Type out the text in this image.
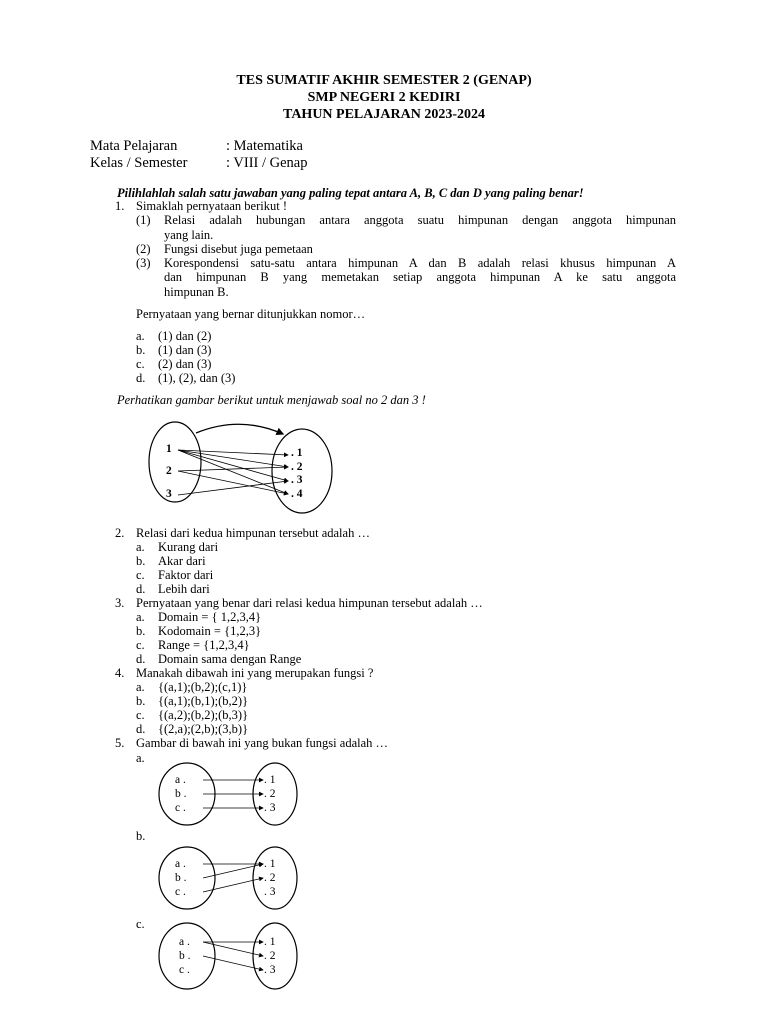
TES SUMATIF AKHIR SEMESTER 2 (GENAP)
SMP NEGERI 2 KEDIRI
TAHUN PELAJARAN 2023-2024
Mata Pelajaran	: Matematika
Kelas / Semester	: VIII / Genap
Pilihlahlah salah satu jawaban yang paling tepat antara A, B, C dan D yang paling benar!
1. Simaklah pernyataan berikut !
(1) Relasi adalah hubungan antara anggota suatu himpunan dengan anggota himpunan
yang lain.
(2) Fungsi disebut juga pemetaan
(3) Korespondensi satu-satu antara himpunan A dan B adalah relasi khusus himpunan A
dan himpunan B yang memetakan setiap anggota himpunan A ke satu anggota
himpunan B.
Pernyataan yang bernar ditunjukkan nomor…
a. (1) dan (2)
b. (1) dan (3)
c. (2) dan (3)
d. (1), (2), dan (3)
Perhatikan gambar berikut untuk menjawab soal no 2 dan 3 !
1
2
3
. 1
. 2
. 3
. 4
2. Relasi dari kedua himpunan tersebut adalah …
a. Kurang dari
b. Akar dari
c. Faktor dari
d. Lebih dari
3. Pernyataan yang benar dari relasi kedua himpunan tersebut adalah …
a. Domain = { 1,2,3,4}
b. Kodomain = {1,2,3}
c. Range = {1,2,3,4}
d. Domain sama dengan Range
4. Manakah dibawah ini yang merupakan fungsi ?
a. {(a,1);(b,2);(c,1)}
b. {(a,1);(b,1);(b,2)}
c. {(a,2);(b,2);(b,3)}
d. {(2,a);(2,b);(3,b)}
5. Gambar di bawah ini yang bukan fungsi adalah …
a.
a .
b .
c .
. 1
. 2
. 3
b.
a .
b .
c .
. 1
. 2
. 3
c.
a .
b .
c .
. 1
. 2
. 3
